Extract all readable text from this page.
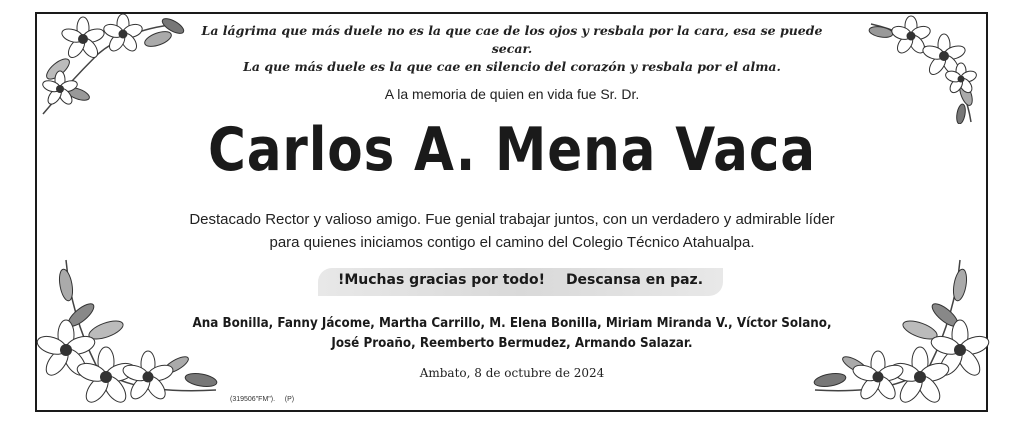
La lágrima que más duele no es la que cae de los ojos y resbala por la cara, esa se puede secar.
La que más duele es la que cae en silencio del corazón y resbala por el alma.
A la memoria de quien en vida fue Sr. Dr.
Carlos A. Mena Vaca
Destacado Rector y valioso amigo. Fue genial trabajar juntos, con un verdadero y admirable líder
para quienes iniciamos contigo el camino del Colegio Técnico Atahualpa.
!Muchas gracias por todo! Descansa en paz.
Ana Bonilla, Fanny Jácome, Martha Carrillo, M. Elena Bonilla, Miriam Miranda V., Víctor Solano,
José Proaño, Reemberto Bermudez, Armando Salazar.
Ambato, 8 de octubre de 2024
(319506"FM").     (P)
